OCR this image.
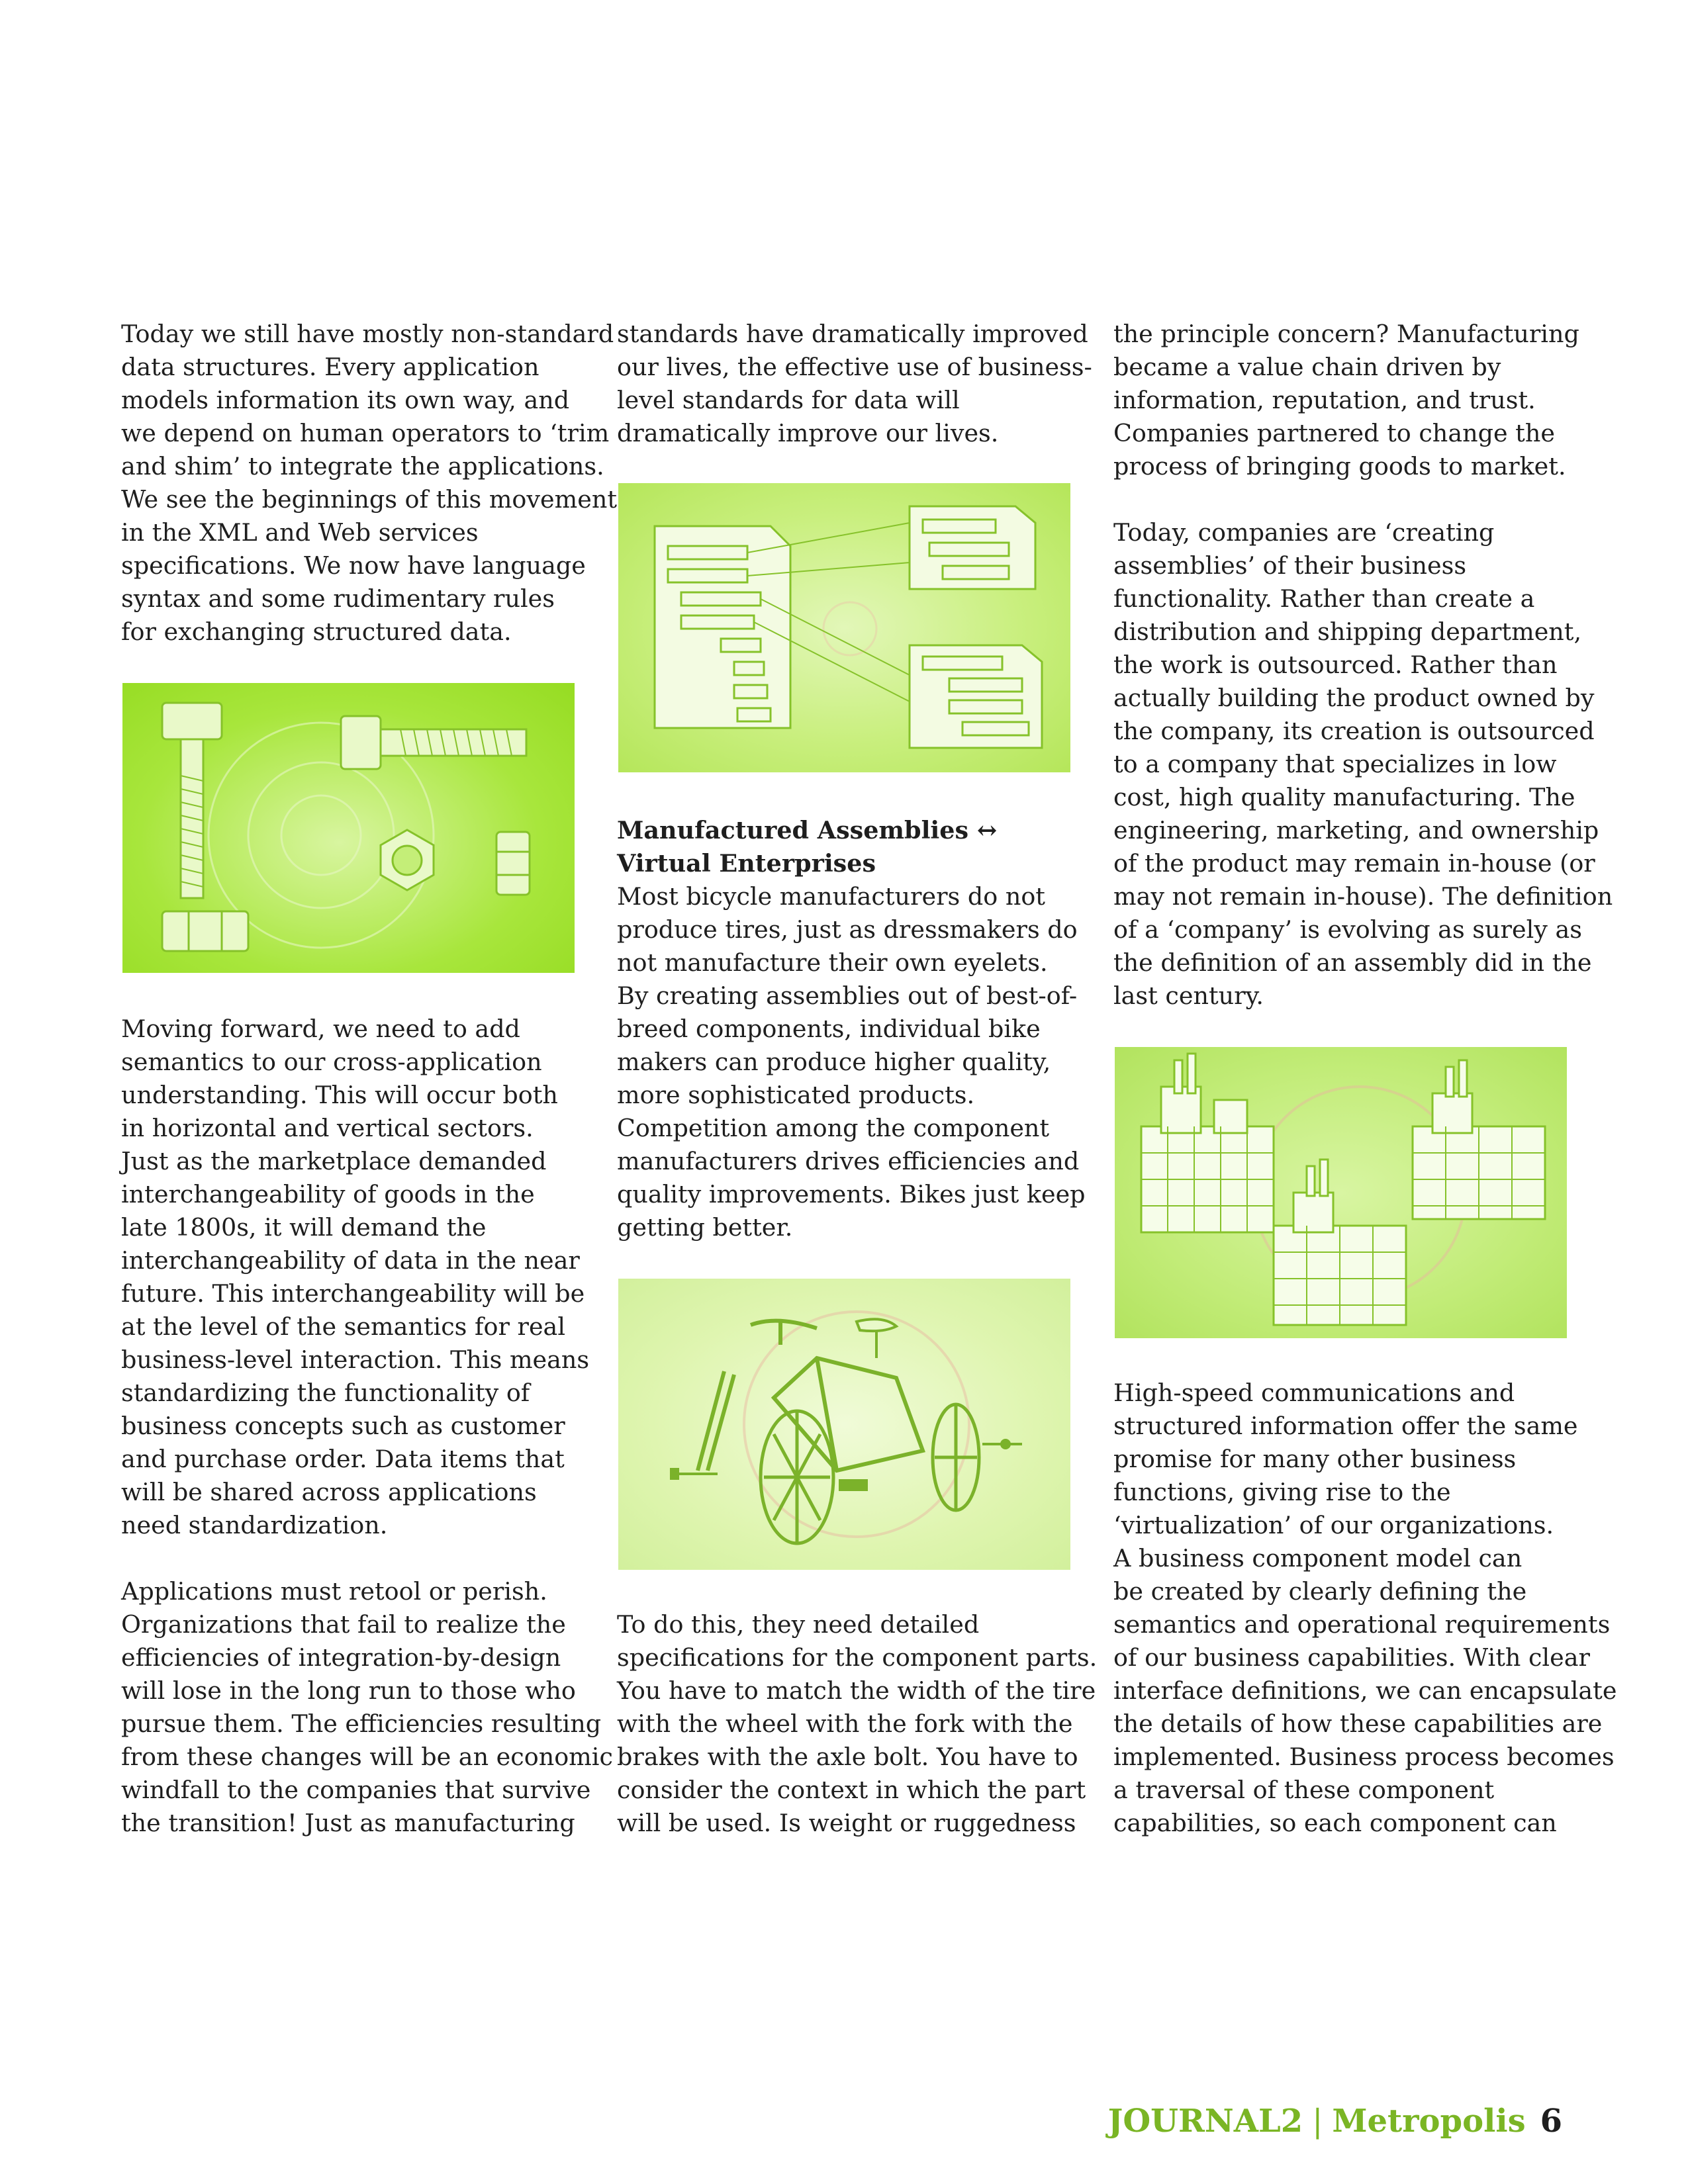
Today we still have mostly non-standard
data structures. Every application
models information its own way, and
we depend on human operators to ‘trim
and shim’ to integrate the applications.
We see the beginnings of this movement
in the XML and Web services
specifications. We now have language
syntax and some rudimentary rules
for exchanging structured data.

Moving forward, we need to add
semantics to our cross-application
understanding. This will occur both
in horizontal and vertical sectors.
Just as the marketplace demanded
interchangeability of goods in the
late 1800s, it will demand the
interchangeability of data in the near
future. This interchangeability will be
at the level of the semantics for real
business-level interaction. This means
standardizing the functionality of
business concepts such as customer
and purchase order. Data items that
will be shared across applications
need standardization.

Applications must retool or perish.
Organizations that fail to realize the
efficiencies of integration-by-design
will lose in the long run to those who
pursue them. The efficiencies resulting
from these changes will be an economic
windfall to the companies that survive
the transition! Just as manufacturing

standards have dramatically improved
our lives, the effective use of business-
level standards for data will
dramatically improve our lives.

Manufactured Assemblies ↔
Virtual Enterprises

Most bicycle manufacturers do not
produce tires, just as dressmakers do
not manufacture their own eyelets.
By creating assemblies out of best-of-
breed components, individual bike
makers can produce higher quality,
more sophisticated products.
Competition among the component
manufacturers drives efficiencies and
quality improvements. Bikes just keep
getting better.

To do this, they need detailed
specifications for the component parts.
You have to match the width of the tire
with the wheel with the fork with the
brakes with the axle bolt. You have to
consider the context in which the part
will be used. Is weight or ruggedness

the principle concern? Manufacturing
became a value chain driven by
information, reputation, and trust.
Companies partnered to change the
process of bringing goods to market.

Today, companies are ‘creating
assemblies’ of their business
functionality. Rather than create a
distribution and shipping department,
the work is outsourced. Rather than
actually building the product owned by
the company, its creation is outsourced
to a company that specializes in low
cost, high quality manufacturing. The
engineering, marketing, and ownership
of the product may remain in-house (or
may not remain in-house). The definition
of a ‘company’ is evolving as surely as
the definition of an assembly did in the
last century.

High-speed communications and
structured information offer the same
promise for many other business
functions, giving rise to the
‘virtualization’ of our organizations.
A business component model can
be created by clearly defining the
semantics and operational requirements
of our business capabilities. With clear
interface definitions, we can encapsulate
the details of how these capabilities are
implemented. Business process becomes
a traversal of these component
capabilities, so each component can

JOURNAL2 | Metropolis 6
